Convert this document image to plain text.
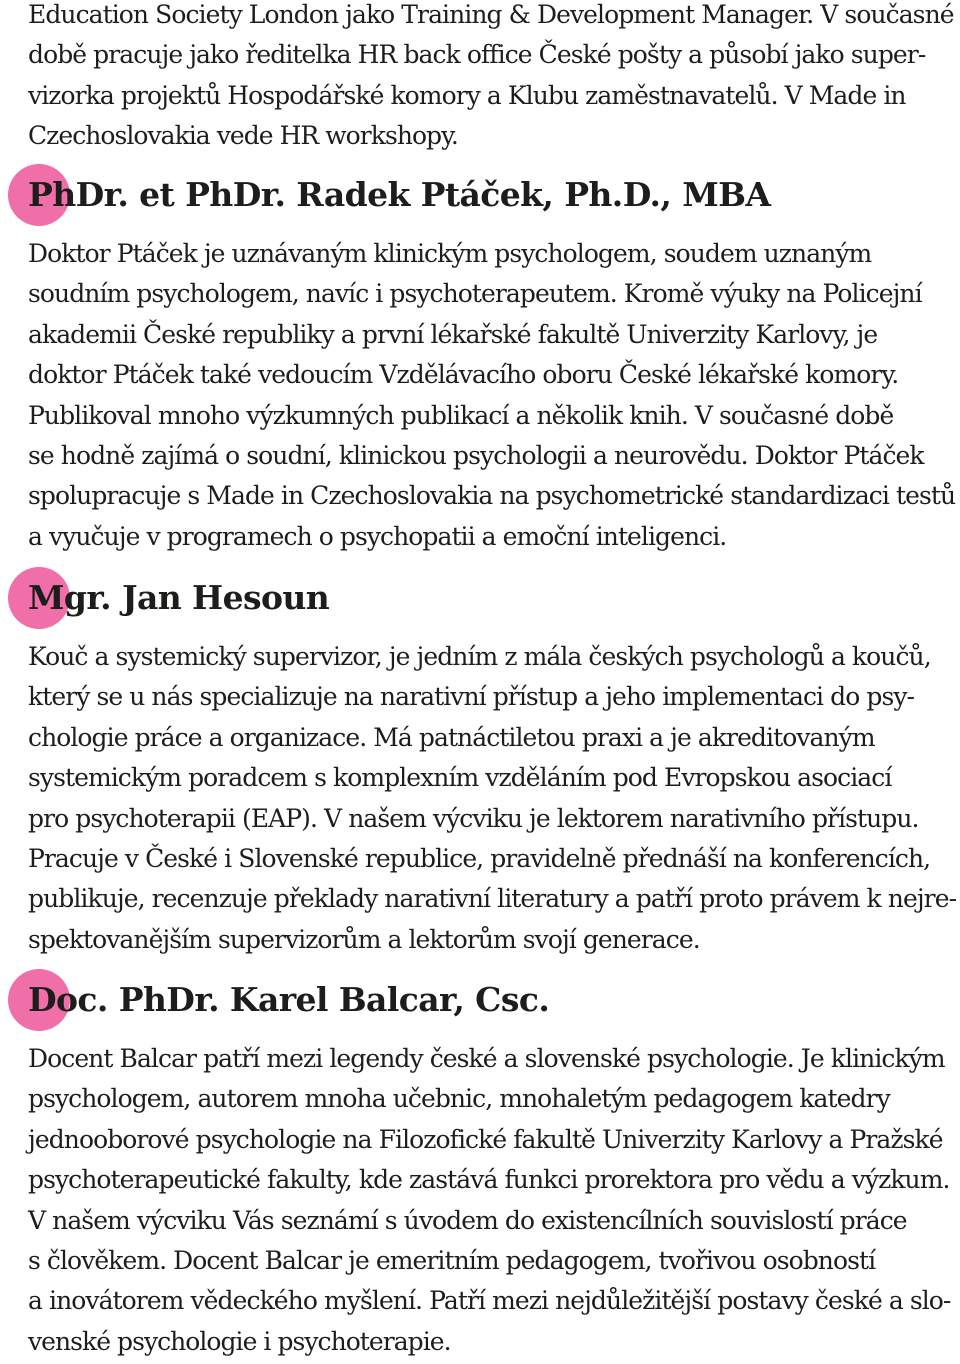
Education Society London jako Training & Development Manager. V současné
době pracuje jako ředitelka HR back office České pošty a působí jako super-
vizorka projektů Hospodářské komory a Klubu zaměstnavatelů. V Made in
Czechoslovakia vede HR workshopy.
PhDr. et PhDr. Radek Ptáček, Ph.D., MBA
Doktor Ptáček je uznávaným klinickým psychologem, soudem uznaným
soudním psychologem, navíc i psychoterapeutem. Kromě výuky na Policejní
akademii České republiky a první lékařské fakultě Univerzity Karlovy, je
doktor Ptáček také vedoucím Vzdělávacího oboru České lékařské komory.
Publikoval mnoho výzkumných publikací a několik knih. V současné době
se hodně zajímá o soudní, klinickou psychologii a neurovědu. Doktor Ptáček
spolupracuje s Made in Czechoslovakia na psychometrické standardizaci testů
a vyučuje v programech o psychopatii a emoční inteligenci.
Mgr. Jan Hesoun
Kouč a systemický supervizor, je jedním z mála českých psychologů a koučů,
který se u nás specializuje na narativní přístup a jeho implementaci do psy-
chologie práce a organizace. Má patnáctiletou praxi a je akreditovaným
systemickým poradcem s komplexním vzděláním pod Evropskou asociací
pro psychoterapii (EAP). V našem výcviku je lektorem narativního přístupu.
Pracuje v České i Slovenské republice, pravidelně přednáší na konferencích,
publikuje, recenzuje překlady narativní literatury a patří proto právem k nejre-
spektovanějším supervizorům a lektorům svojí generace.
Doc. PhDr. Karel Balcar, Csc.
Docent Balcar patří mezi legendy české a slovenské psychologie. Je klinickým
psychologem, autorem mnoha učebnic, mnohaletým pedagogem katedry
jednooborové psychologie na Filozofické fakultě Univerzity Karlovy a Pražské
psychoterapeutické fakulty, kde zastává funkci prorektora pro vědu a výzkum.
V našem výcviku Vás seznámí s úvodem do existencílních souvislostí práce
s člověkem. Docent Balcar je emeritním pedagogem, tvořivou osobností
a inovátorem vědeckého myšlení. Patří mezi nejdůležitější postavy české a slo-
venské psychologie i psychoterapie.
